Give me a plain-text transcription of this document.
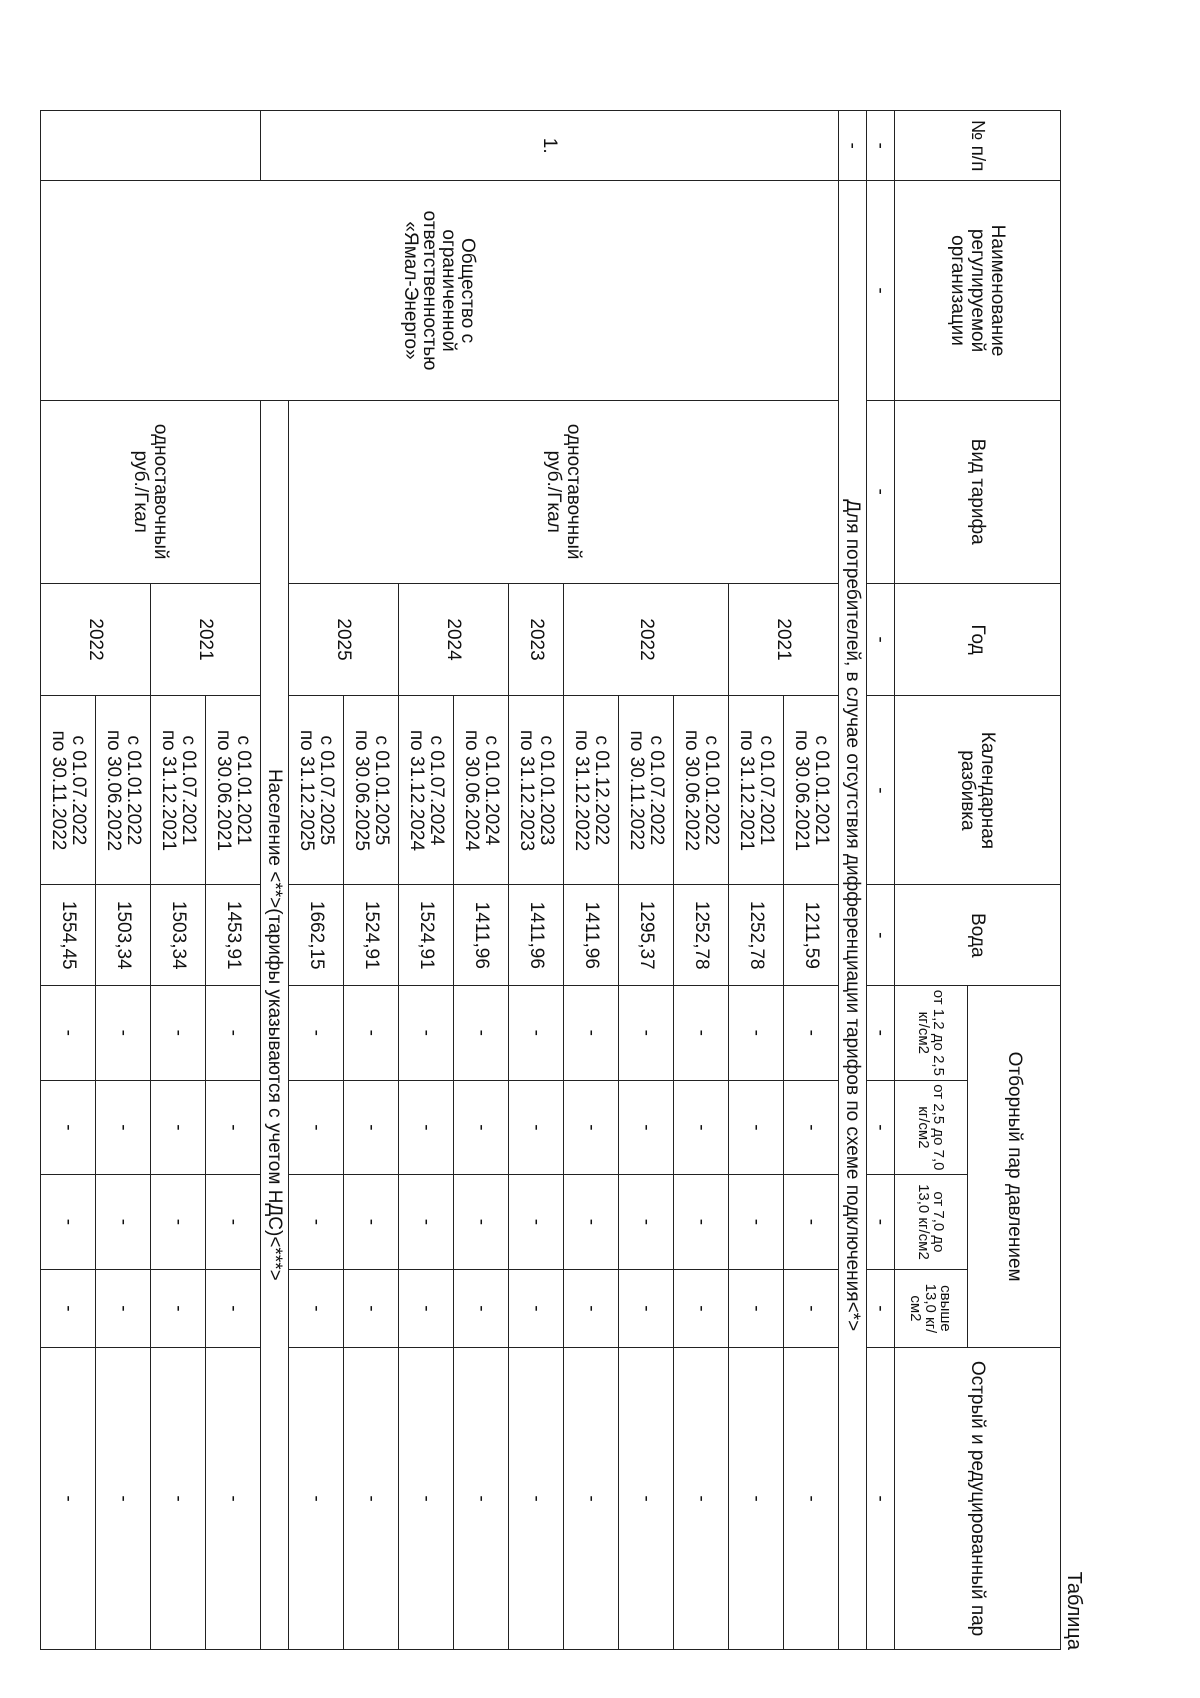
Таблица
№ п/п	Наименование регулируемой организации	Вид тарифа	Год	Календарная разбивка	Вода	Отборный пар давлением				Острый и редуцированный пар
						от 1,2 до 2,5 кг/см2	от 2,5 до 7,0 кг/см2	от 7,0 до 13,0 кг/см2	свыше 13,0 кг/см2	
-	-	-	-	-	-	-	-	-	-	-
-	Для потребителей, в случае отсутствия дифференциации тарифов по схеме подключения<*>									
1.	Общество с ограниченной ответственностью «Ямал-Энерго»	одноставочный руб./Гкал	2021	с 01.01.2021
по 30.06.2021	1211,59	-	-	-	-	-

				с 01.07.2021
по 31.12.2021	1252,78	-	-	-	-	-
			2022	с 01.01.2022
по 30.06.2022	1252,78	-	-	-	-	-

				с 01.07.2022
по 30.11.2022	1295,37	-	-	-	-	-

				с 01.12.2022
по 31.12.2022	1411,96	-	-	-	-	-
			2023	с 01.01.2023
по 31.12.2023	1411,96	-	-	-	-	-
			2024	с 01.01.2024
по 30.06.2024	1411,96	-	-	-	-	-

				с 01.07.2024
по 31.12.2024	1524,91	-	-	-	-	-
			2025	с 01.01.2025
по 30.06.2025	1524,91	-	-	-	-	-

				с 01.07.2025
по 31.12.2025	1662,15	-	-	-	-	-
		Население <**>(тарифы указываются с учетом НДС)<***>								
		одноставочный руб./Гкал	2021	с 01.01.2021
по 30.06.2021	1453,91	-	-	-	-	-

				с 01.07.2021
по 31.12.2021	1503,34	-	-	-	-	-
			2022	с 01.01.2022
по 30.06.2022	1503,34	-	-	-	-	-

				с 01.07.2022
по 30.11.2022	1554,45	-	-	-	-	-
